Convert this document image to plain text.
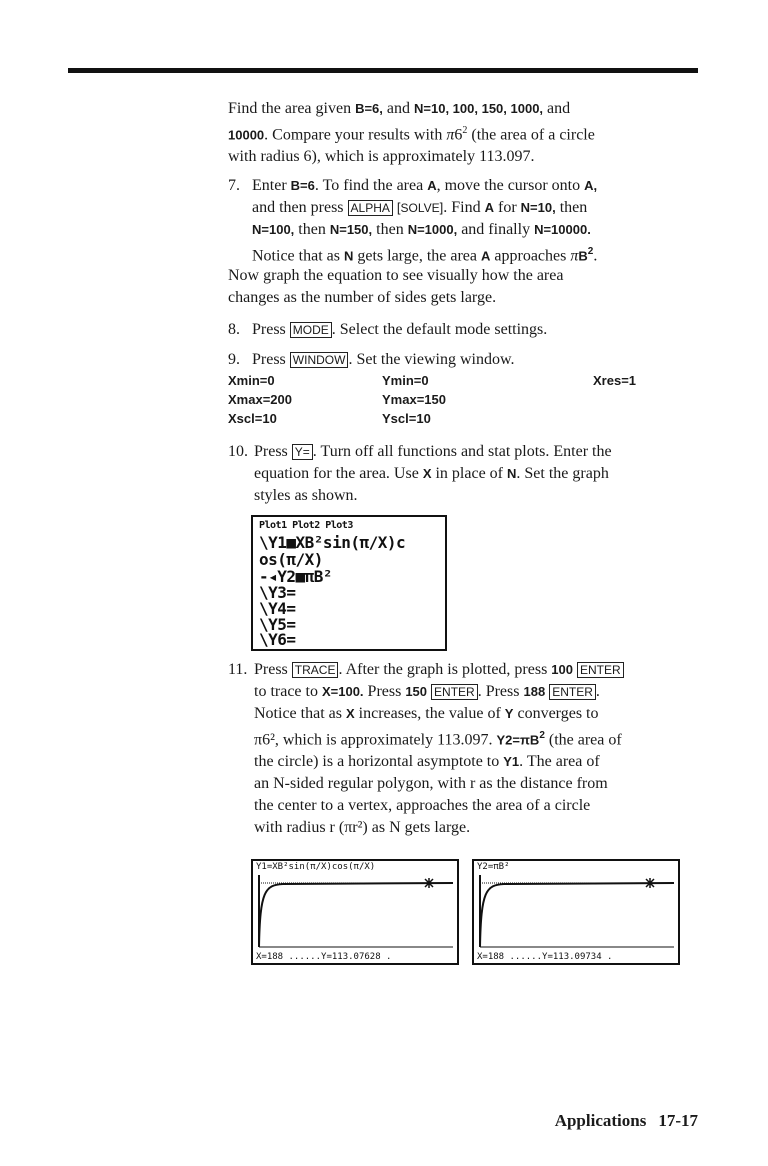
Find the area given B=6, and N=10, 100, 150, 1000, and
10000. Compare your results with $\pi 6^2$ (the area of a circle
with radius 6), which is approximately 113.097.
7. Enter B=6. To find the area A, move the cursor onto A,
and then press ALPHA [SOLVE]. Find A for N=10, then
N=100, then N=150, then N=1000, and finally N=10000.
Notice that as N gets large, the area A approaches $\pi B^2$.
Now graph the equation to see visually how the area
changes as the number of sides gets large.
8. Press MODE . Select the default mode settings.
9. Press WINDOW . Set the viewing window.
Xmin=0	Ymin=0	Xres=1
Xmax=200	Ymax=150
Xscl=10	Yscl=10
10. Press Y= . Turn off all functions and stat plots. Enter the
equation for the area. Use X in place of N. Set the graph
styles as shown.
Plot1 Plot2 Plot3
\Y1■XB²sin(π/X)c
os(π/X)
-◂Y2■πB²
\Y3=
\Y4=
\Y5=
\Y6=
11. Press TRACE . After the graph is plotted, press 100 ENTER
to trace to X=100. Press 150 ENTER . Press 188 ENTER .
Notice that as X increases, the value of Y converges to
π6², which is approximately 113.097. $Y2=\pi B^2$ (the area of
the circle) is a horizontal asymptote to Y1. The area of
an N-sided regular polygon, with r as the distance from
the center to a vertex, approaches the area of a circle
with radius r (πr²) as N gets large.
Y1=XB²sin(π/X)cos(π/X)
X=188 ......Y=113.07628 .
Y2=πB²
X=188 ......Y=113.09734 .
Applications 17-17
